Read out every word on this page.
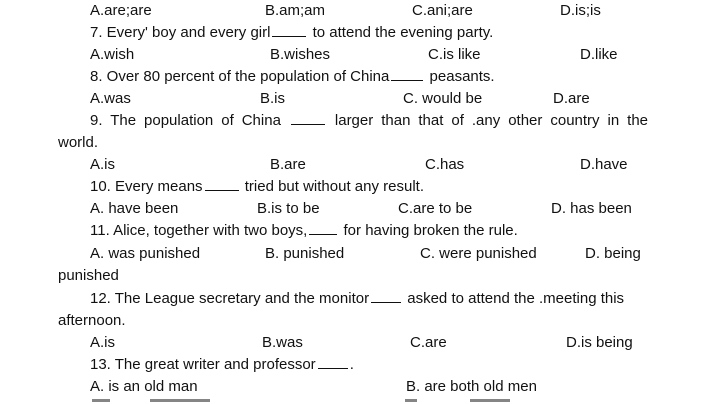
A.are;are	B.am;am	C.ani;are	D.is;is
7. Every' boy and every girl	to attend the evening party.
A.wish	B.wishes	C.is like	D.like
8. Over 80 percent of the population of China	peasants.
A.was	B.is	C. would be	D.are
9. The population of China	larger than that of .any other country in the
world.
A.is	B.are	C.has	D.have
10. Every means	tried but without any result.
A. have been	B.is to be	C.are to be	D. has been
11. Alice, together with two boys, for having broken the rule.
A. was punished	B. punished	C. were punished	D. being
punished
12. The League secretary and the monitor	asked to attend the .meeting this
afternoon.
A.is	B.was	C.are	D.is being
13. The great writer and professor .
A. is an old man	B. are both old men
